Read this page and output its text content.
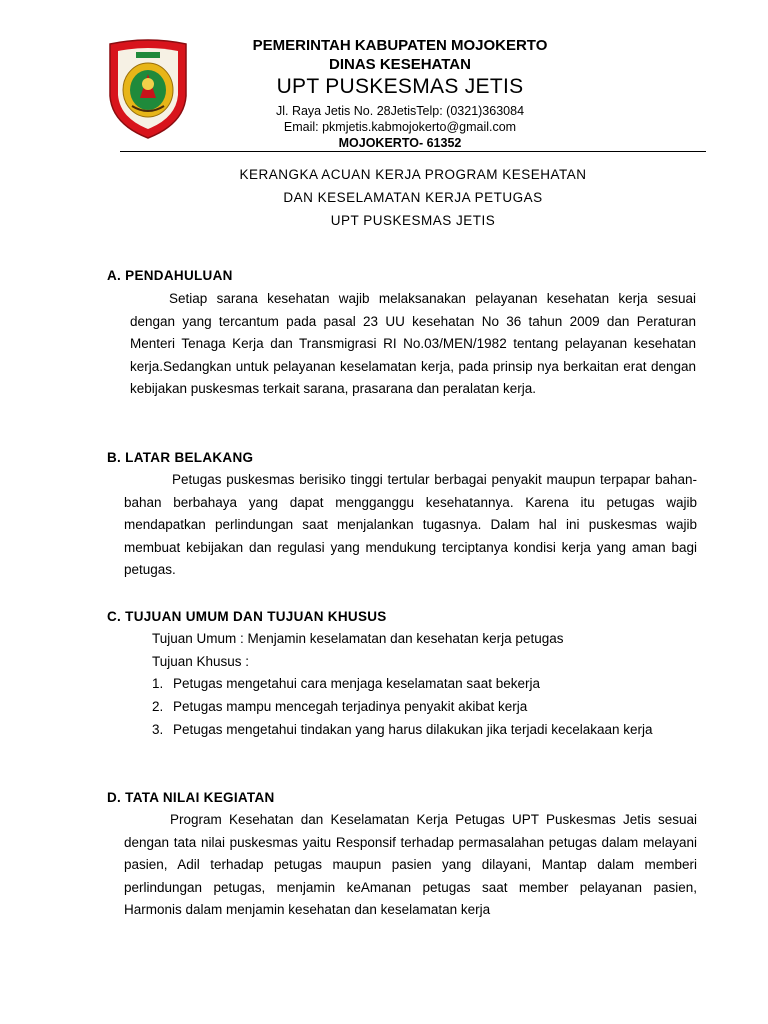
PEMERINTAH KABUPATEN MOJOKERTO
DINAS KESEHATAN
UPT PUSKESMAS JETIS
Jl. Raya Jetis No. 28JetisTelp: (0321)363084
Email: pkmjetis.kabmojokerto@gmail.com
MOJOKERTO- 61352
KERANGKA ACUAN KERJA PROGRAM KESEHATAN
DAN KESELAMATAN KERJA PETUGAS
UPT PUSKESMAS JETIS
A. PENDAHULUAN
Setiap sarana kesehatan wajib melaksanakan pelayanan kesehatan kerja sesuai dengan yang tercantum pada pasal 23 UU kesehatan No 36 tahun 2009 dan Peraturan Menteri Tenaga Kerja dan Transmigrasi RI No.03/MEN/1982 tentang pelayanan kesehatan kerja.Sedangkan untuk pelayanan keselamatan kerja, pada prinsip nya berkaitan erat dengan kebijakan puskesmas terkait sarana, prasarana dan peralatan kerja.
B. LATAR BELAKANG
Petugas puskesmas berisiko tinggi tertular berbagai penyakit maupun terpapar bahan-bahan berbahaya yang dapat mengganggu kesehatannya. Karena itu petugas wajib mendapatkan perlindungan saat menjalankan tugasnya. Dalam hal ini puskesmas wajib membuat kebijakan dan regulasi yang mendukung terciptanya kondisi kerja yang aman bagi petugas.
C. TUJUAN UMUM DAN TUJUAN KHUSUS
Tujuan Umum : Menjamin keselamatan dan kesehatan kerja petugas
Tujuan Khusus :
1. Petugas mengetahui cara menjaga keselamatan saat bekerja
2. Petugas mampu mencegah terjadinya penyakit akibat kerja
3. Petugas mengetahui tindakan yang harus dilakukan jika terjadi kecelakaan kerja
D. TATA NILAI KEGIATAN
Program Kesehatan dan Keselamatan Kerja Petugas UPT Puskesmas Jetis sesuai dengan tata nilai puskesmas yaitu Responsif terhadap permasalahan petugas dalam melayani pasien, Adil terhadap petugas maupun pasien yang dilayani, Mantap dalam memberi perlindungan petugas, menjamin keAmanan petugas saat member pelayanan pasien, Harmonis dalam menjamin kesehatan dan keselamatan kerja
